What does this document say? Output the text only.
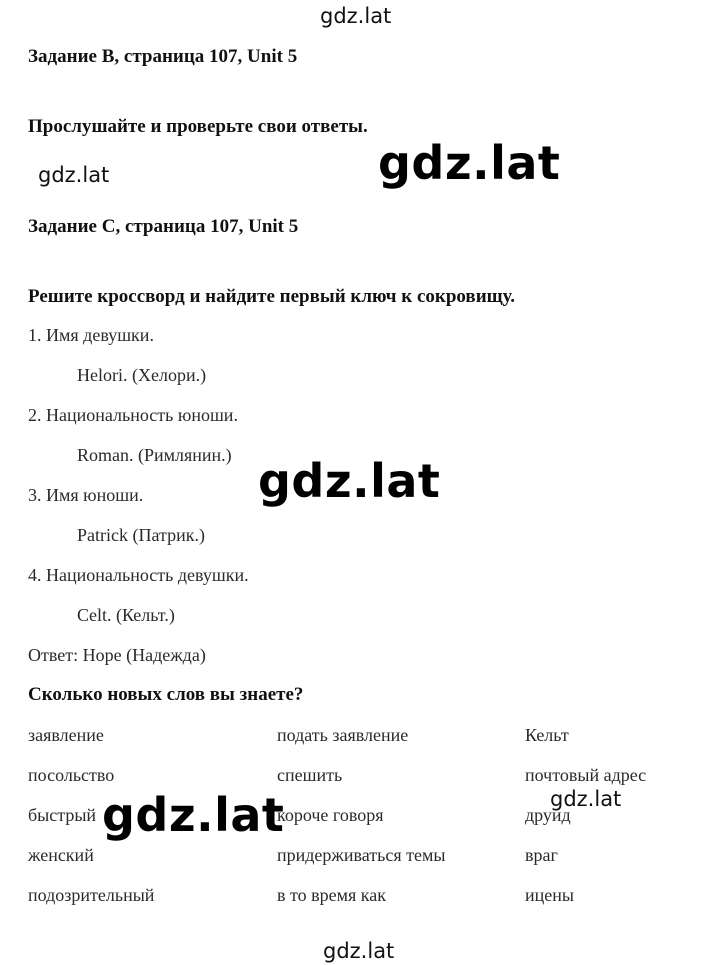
gdz.lat
gdz.lat	gdz.lat
Задание B, страница 107, Unit 5
Прослушайте и проверьте свои ответы.
Задание C, страница 107, Unit 5
Решите кроссворд и найдите первый ключ к сокровищу.
1. Имя девушки.
Helori. (Хелори.)
2. Национальность юноши.
Roman. (Римлянин.) gdz.lat
3. Имя юноши.
Patrick (Патрик.)
4. Национальность девушки.
Celt. (Кельт.)
Ответ: Hope (Надежда)
Сколько новых слов вы знаете?
заявление
посольство
быстрый
женский
подозрительный
подать заявление
спешить
короче говоря
придерживаться темы
в то время как
Кельт
почтовый адрес
друид
враг
ицены
gdz.lat	gdz.lat
gdz.lat
